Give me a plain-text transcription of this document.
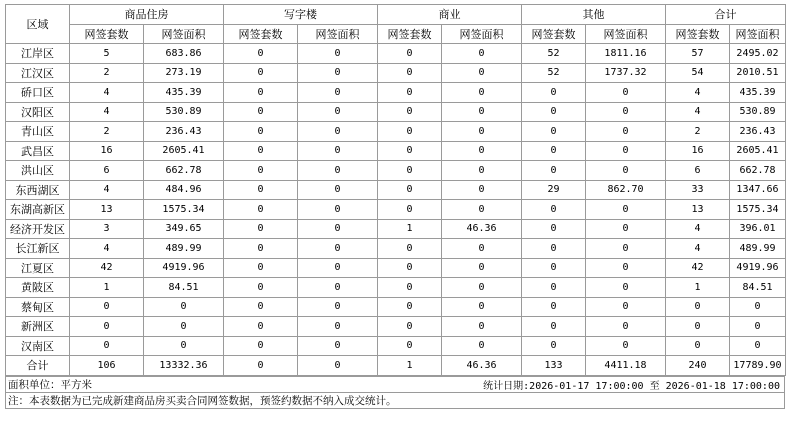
区域	商品住房		写字楼		商业		其他		合计	
	网签套数	网签面积	网签套数	网签面积	网签套数	网签面积	网签套数	网签面积	网签套数	网签面积
江岸区	5	683.86	0	0	0	0	52	1811.16	57	2495.02
江汉区	2	273.19	0	0	0	0	52	1737.32	54	2010.51
硚口区	4	435.39	0	0	0	0	0	0	4	435.39
汉阳区	4	530.89	0	0	0	0	0	0	4	530.89
青山区	2	236.43	0	0	0	0	0	0	2	236.43
武昌区	16	2605.41	0	0	0	0	0	0	16	2605.41
洪山区	6	662.78	0	0	0	0	0	0	6	662.78
东西湖区	4	484.96	0	0	0	0	29	862.70	33	1347.66
东湖高新区	13	1575.34	0	0	0	0	0	0	13	1575.34
经济开发区	3	349.65	0	0	1	46.36	0	0	4	396.01
长江新区	4	489.99	0	0	0	0	0	0	4	489.99
江夏区	42	4919.96	0	0	0	0	0	0	42	4919.96
黄陂区	1	84.51	0	0	0	0	0	0	1	84.51
蔡甸区	0	0	0	0	0	0	0	0	0	0
新洲区	0	0	0	0	0	0	0	0	0	0
汉南区	0	0	0	0	0	0	0	0	0	0
合计	106	13332.36	0	0	1	46.36	133	4411.18	240	17789.90
面积单位：平方米	统计日期:2026-01-17 17:00:00 至 2026-01-18 17:00:00

注：本表数据为已完成新建商品房买卖合同网签数据，预签约数据不纳入成交统计。
